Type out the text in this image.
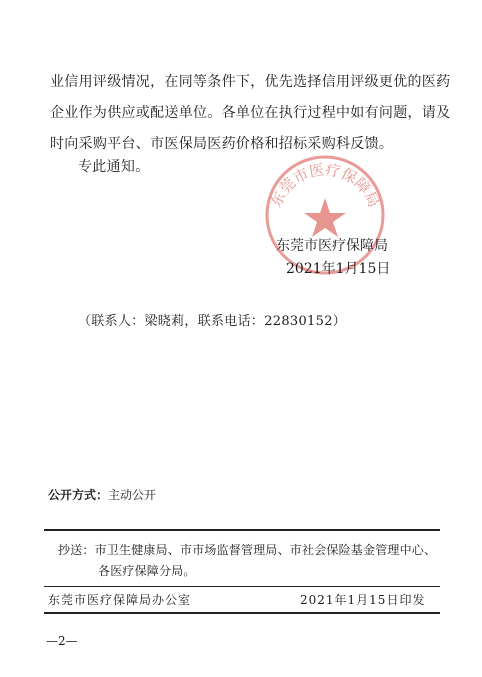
业信用评级情况，在同等条件下，优先选择信用评级更优的医药
企业作为供应或配送单位。各单位在执行过程中如有问题，请及
时向采购平台、市医保局医药价格和招标采购科反馈。
专此通知。
东莞市医疗保障局
东莞市医疗保障局
2021年1月15日
（联系人：梁晓莉，联系电话：22830152）
公开方式：主动公开
抄送：市卫生健康局、市市场监督管理局、市社会保险基金管理中心、
各医疗保障分局。
东莞市医疗保障局办公室	2021年1月15日印发
—2—
